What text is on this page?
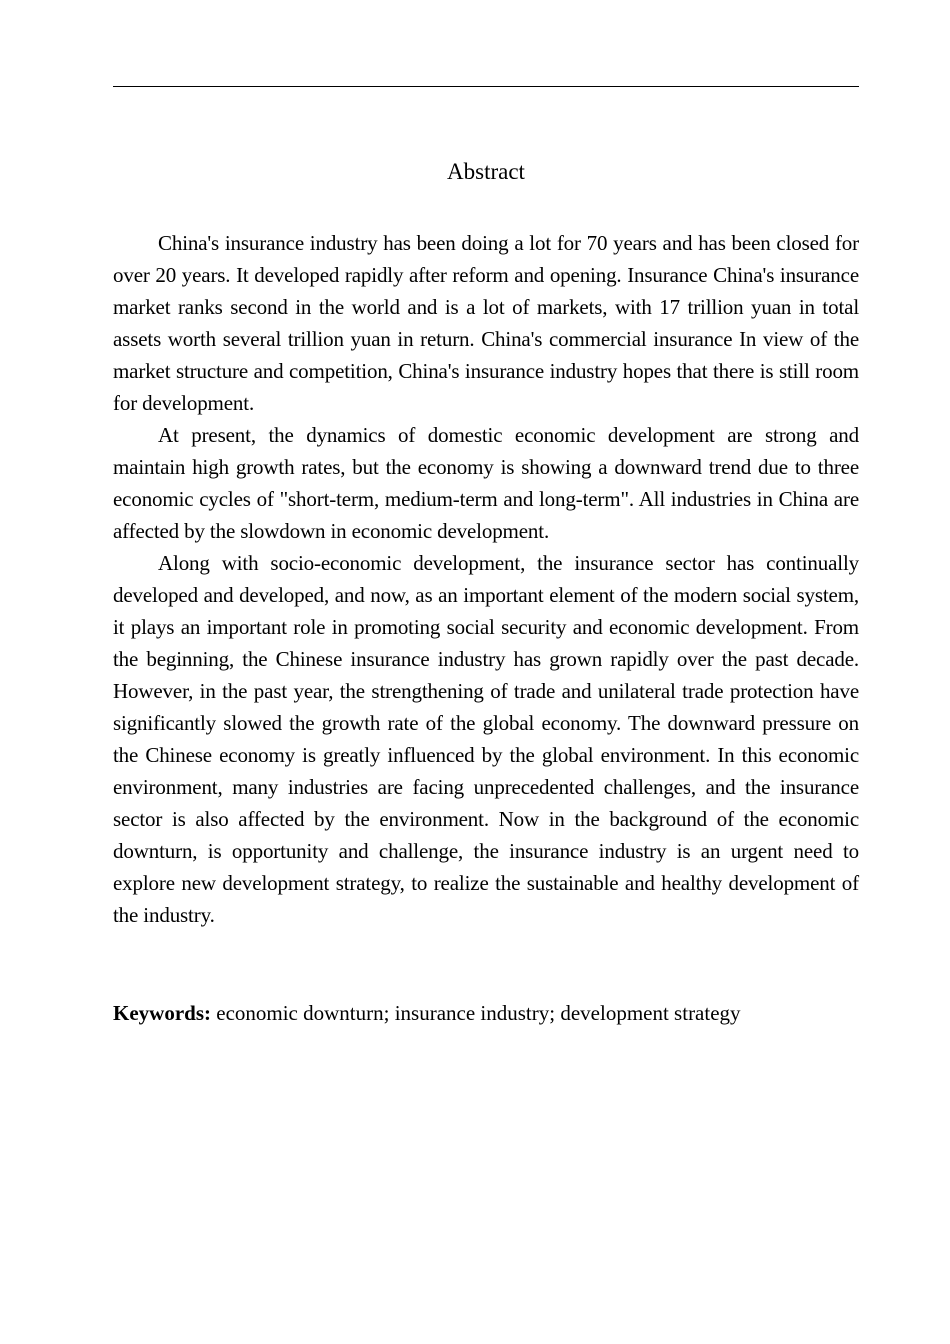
Abstract

China's insurance industry has been doing a lot for 70 years and has been closed for over 20 years. It developed rapidly after reform and opening. Insurance China's insurance market ranks second in the world and is a lot of markets, with 17 trillion yuan in total assets worth several trillion yuan in return. China's commercial insurance In view of the market structure and competition, China's insurance industry hopes that there is still room for development.

At present, the dynamics of domestic economic development are strong and maintain high growth rates, but the economy is showing a downward trend due to three economic cycles of "short-term, medium-term and long-term". All industries in China are affected by the slowdown in economic development.

Along with socio-economic development, the insurance sector has continually developed and developed, and now, as an important element of the modern social system, it plays an important role in promoting social security and economic development. From the beginning, the Chinese insurance industry has grown rapidly over the past decade. However, in the past year, the strengthening of trade and unilateral trade protection have significantly slowed the growth rate of the global economy. The downward pressure on the Chinese economy is greatly influenced by the global environment. In this economic environment, many industries are facing unprecedented challenges, and the insurance sector is also affected by the environment. Now in the background of the economic downturn, is opportunity and challenge, the insurance industry is an urgent need to explore new development strategy, to realize the sustainable and healthy development of the industry.

Keywords: economic downturn; insurance industry; development strategy
